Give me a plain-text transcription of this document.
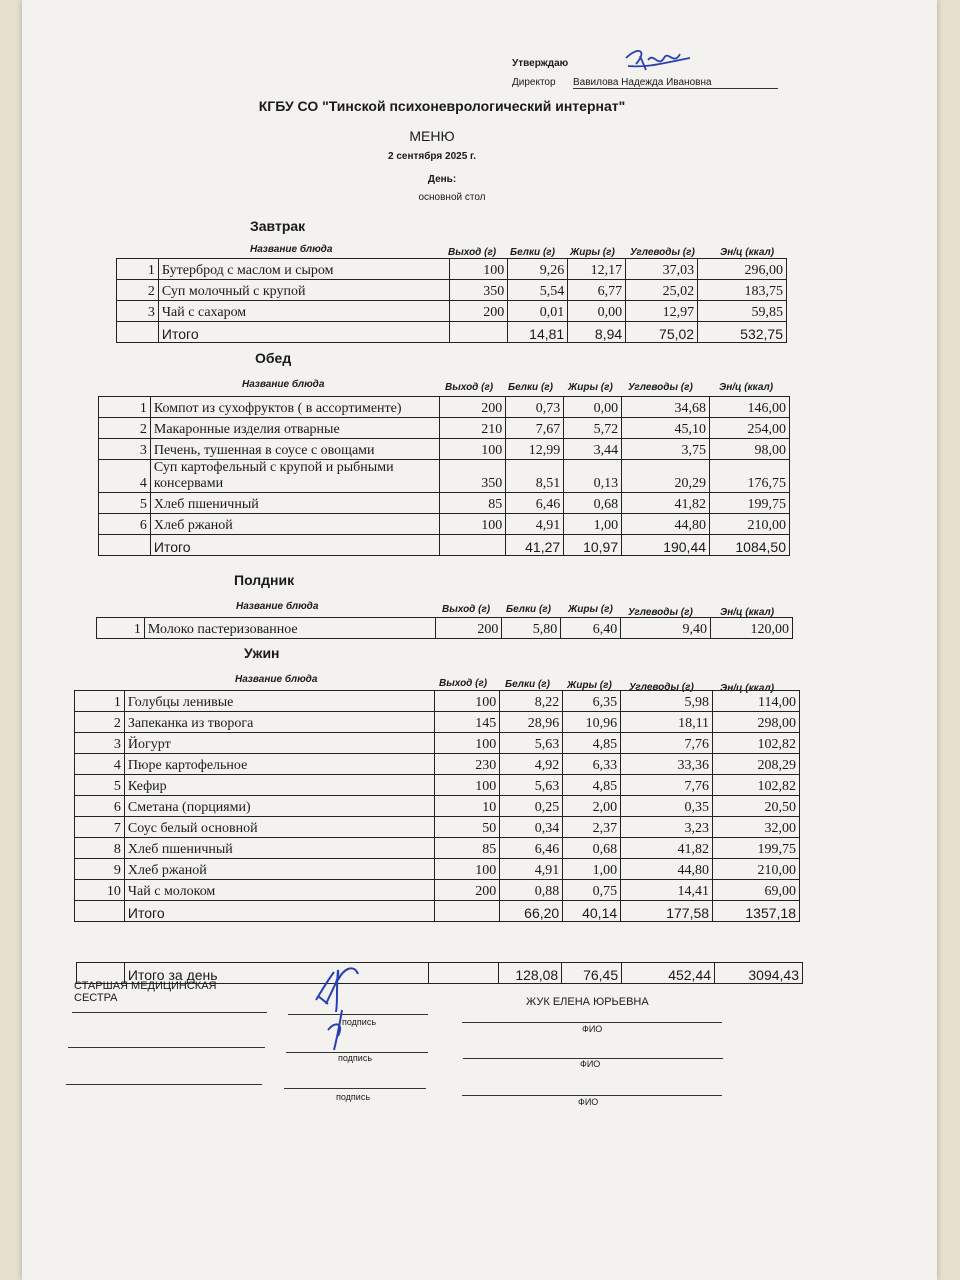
Утверждаю
Директор Вавилова Надежда Ивановна
КГБУ СО "Тинской психоневрологический интернат"
МЕНЮ
2 сентября 2025 г.
День:
основной стол
Завтрак
Название блюда	Выход (г) Белки (г) Жиры (г) Углеводы (г)	Эн/ц (ккал)
1	Бутерброд с маслом и сыром	100	9,26	12,17	37,03	296,00
2	Суп молочный с крупой	350	5,54	6,77	25,02	183,75
3	Чай с сахаром	200	0,01	0,00	12,97	59,85
	Итого		14,81	8,94	75,02	532,75
Обед
Название блюда	Выход (г) Белки (г) Жиры (г) Углеводы (г)	Эн/ц (ккал)
1	Компот из сухофруктов ( в ассортименте)	200	0,73	0,00	34,68	146,00
2	Макаронные изделия отварные	210	7,67	5,72	45,10	254,00
3	Печень, тушенная в соусе с овощами	100	12,99	3,44	3,75	98,00
4	Суп картофельный с крупой и рыбными консервами	350	8,51	0,13	20,29	176,75
5	Хлеб пшеничный	85	6,46	0,68	41,82	199,75
6	Хлеб ржаной	100	4,91	1,00	44,80	210,00
	Итого		41,27	10,97	190,44	1084,50
Полдник
Название блюда	Выход (г) Белки (г) Жиры (г) Углеводы (г)	Эн/ц (ккал)
1	Молоко пастеризованное	200	5,80	6,40	9,40	120,00
Ужин
Название блюда	Выход (г) Белки (г) Жиры (г) Углеводы (г)	Эн/ц (ккал)
1	Голубцы ленивые	100	8,22	6,35	5,98	114,00
2	Запеканка из творога	145	28,96	10,96	18,11	298,00
3	Йогурт	100	5,63	4,85	7,76	102,82
4	Пюре картофельное	230	4,92	6,33	33,36	208,29
5	Кефир	100	5,63	4,85	7,76	102,82
6	Сметана (порциями)	10	0,25	2,00	0,35	20,50
7	Соус белый основной	50	0,34	2,37	3,23	32,00
8	Хлеб пшеничный	85	6,46	0,68	41,82	199,75
9	Хлеб ржаной	100	4,91	1,00	44,80	210,00
10	Чай с молоком	200	0,88	0,75	14,41	69,00
	Итого		66,20	40,14	177,58	1357,18
	Итого за день		128,08	76,45	452,44	3094,43
СТАРШАЯ МЕДИЦИНСКАЯ СЕСТРА	ЖУК ЕЛЕНА ЮРЬЕВНА
подпись
ФИО
подпись
ФИО
подпись	ФИО
